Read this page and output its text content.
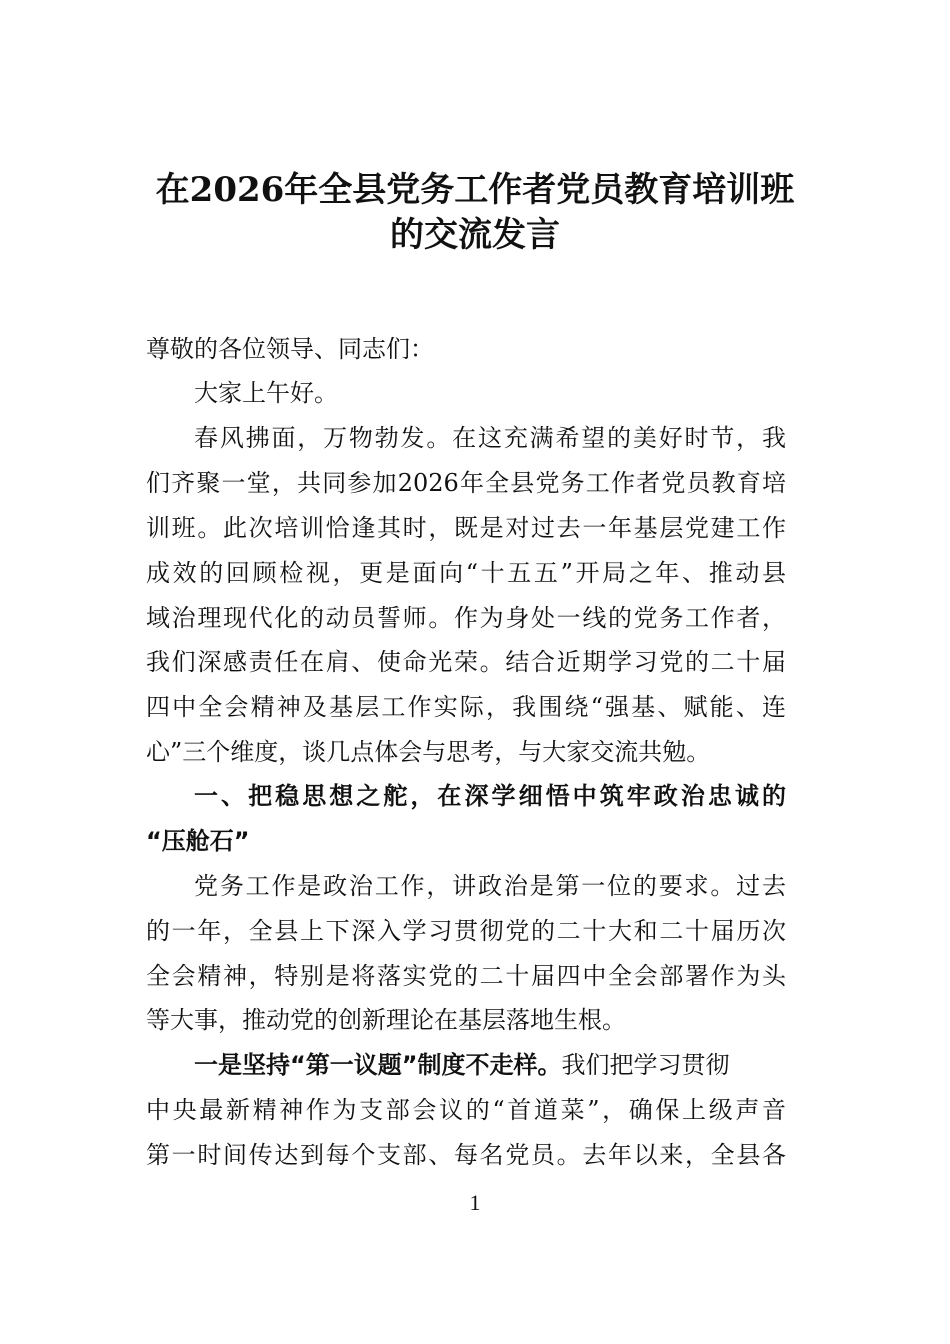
在2026年全县党务工作者党员教育培训班
的交流发言
尊敬的各位领导、同志们：
大家上午好。
春风拂面，万物勃发。在这充满希望的美好时节，我
们齐聚一堂，共同参加2026年全县党务工作者党员教育培
训班。此次培训恰逢其时，既是对过去一年基层党建工作
成效的回顾检视，更是面向“十五五”开局之年、推动县
域治理现代化的动员誓师。作为身处一线的党务工作者，
我们深感责任在肩、使命光荣。结合近期学习党的二十届
四中全会精神及基层工作实际，我围绕“强基、赋能、连
心”三个维度，谈几点体会与思考，与大家交流共勉。
一、把稳思想之舵，在深学细悟中筑牢政治忠诚的
“压舱石”
党务工作是政治工作，讲政治是第一位的要求。过去
的一年，全县上下深入学习贯彻党的二十大和二十届历次
全会精神，特别是将落实党的二十届四中全会部署作为头
等大事，推动党的创新理论在基层落地生根。
一是坚持“第一议题”制度不走样。我们把学习贯彻
中央最新精神作为支部会议的“首道菜”，确保上级声音
第一时间传达到每个支部、每名党员。去年以来，全县各
1
